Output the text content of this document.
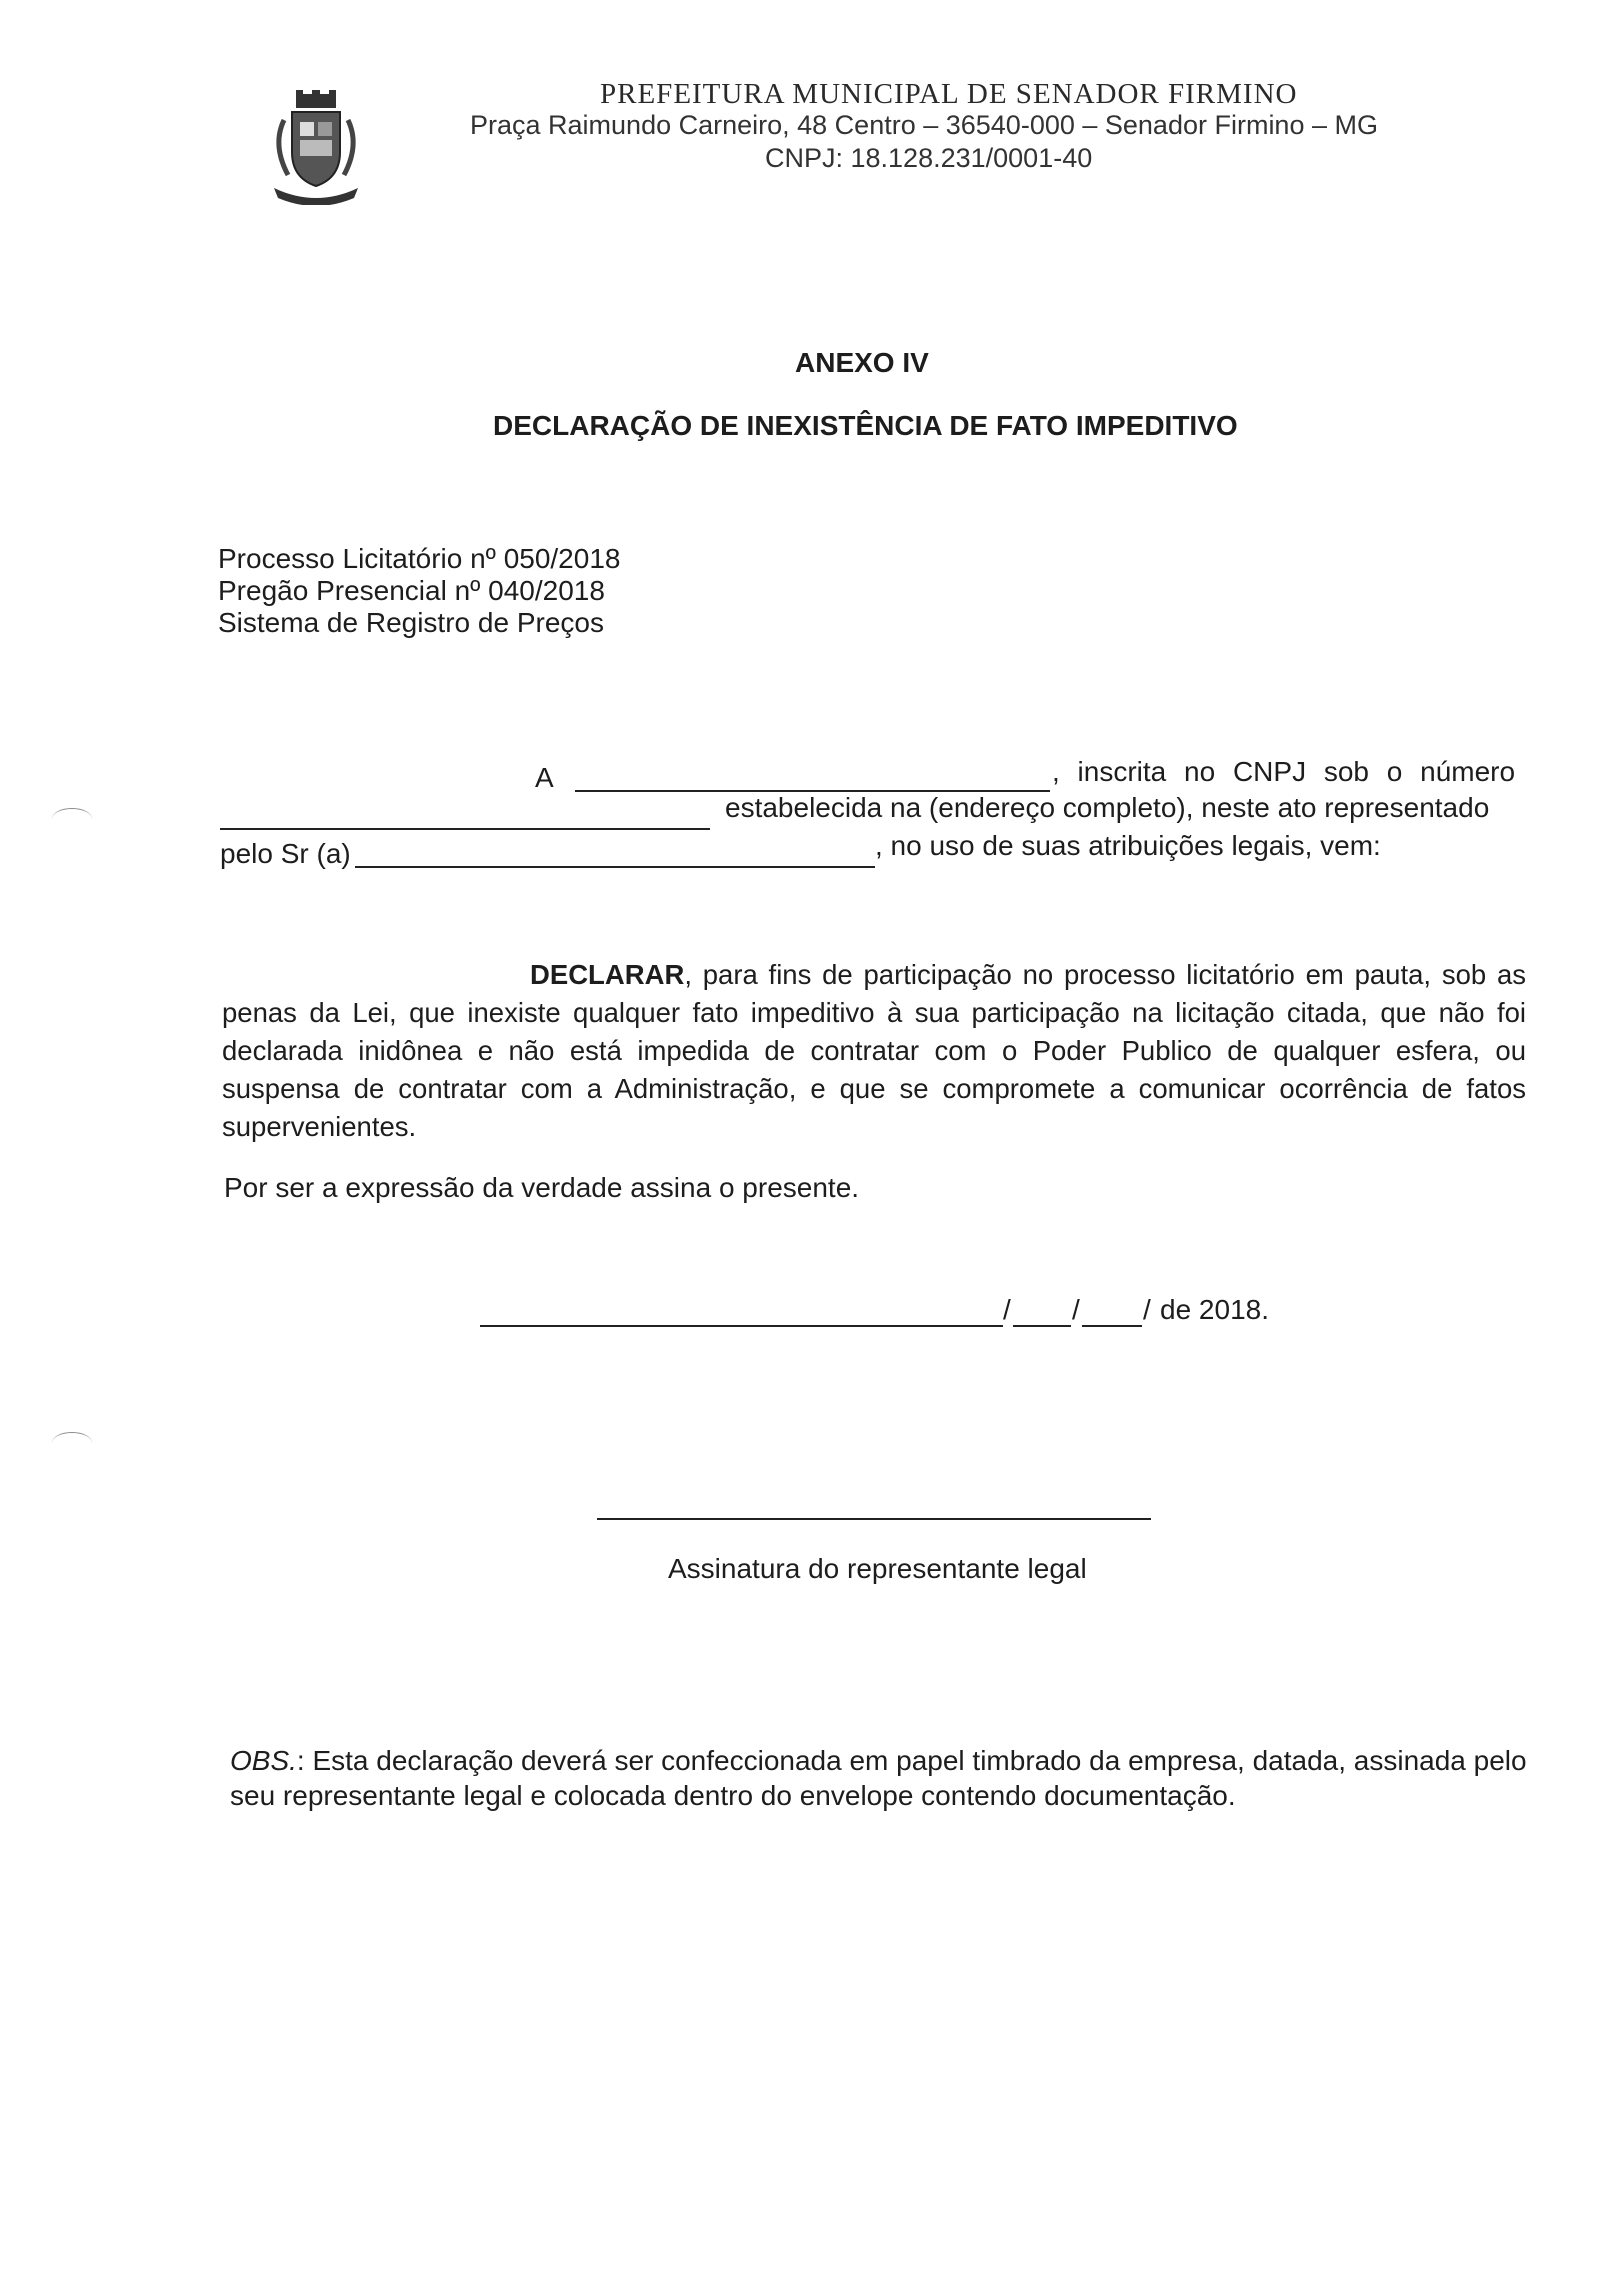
PREFEITURA MUNICIPAL DE SENADOR FIRMINO
Praça Raimundo Carneiro, 48 Centro – 36540-000 – Senador Firmino – MG
CNPJ: 18.128.231/0001-40
ANEXO IV
DECLARAÇÃO DE INEXISTÊNCIA DE FATO IMPEDITIVO
Processo Licitatório nº 050/2018
Pregão Presencial nº 040/2018
Sistema de Registro de Preços
A	, inscrita no CNPJ sob o número
estabelecida na (endereço completo), neste ato representado
pelo Sr (a)	, no uso de suas atribuições legais, vem:
DECLARAR, para fins de participação no processo licitatório em pauta, sob as
penas da Lei, que inexiste qualquer fato impeditivo à sua participação na licitação citada, que não foi
declarada inidônea e não está impedida de contratar com o Poder Publico de qualquer esfera, ou
suspensa de contratar com a Administração, e que se compromete a comunicar ocorrência de fatos
supervenientes.
Por ser a expressão da verdade assina o presente.
/ / / de 2018.
Assinatura do representante legal
OBS.: Esta declaração deverá ser confeccionada em papel timbrado da empresa, datada, assinada pelo
seu representante legal e colocada dentro do envelope contendo documentação.
